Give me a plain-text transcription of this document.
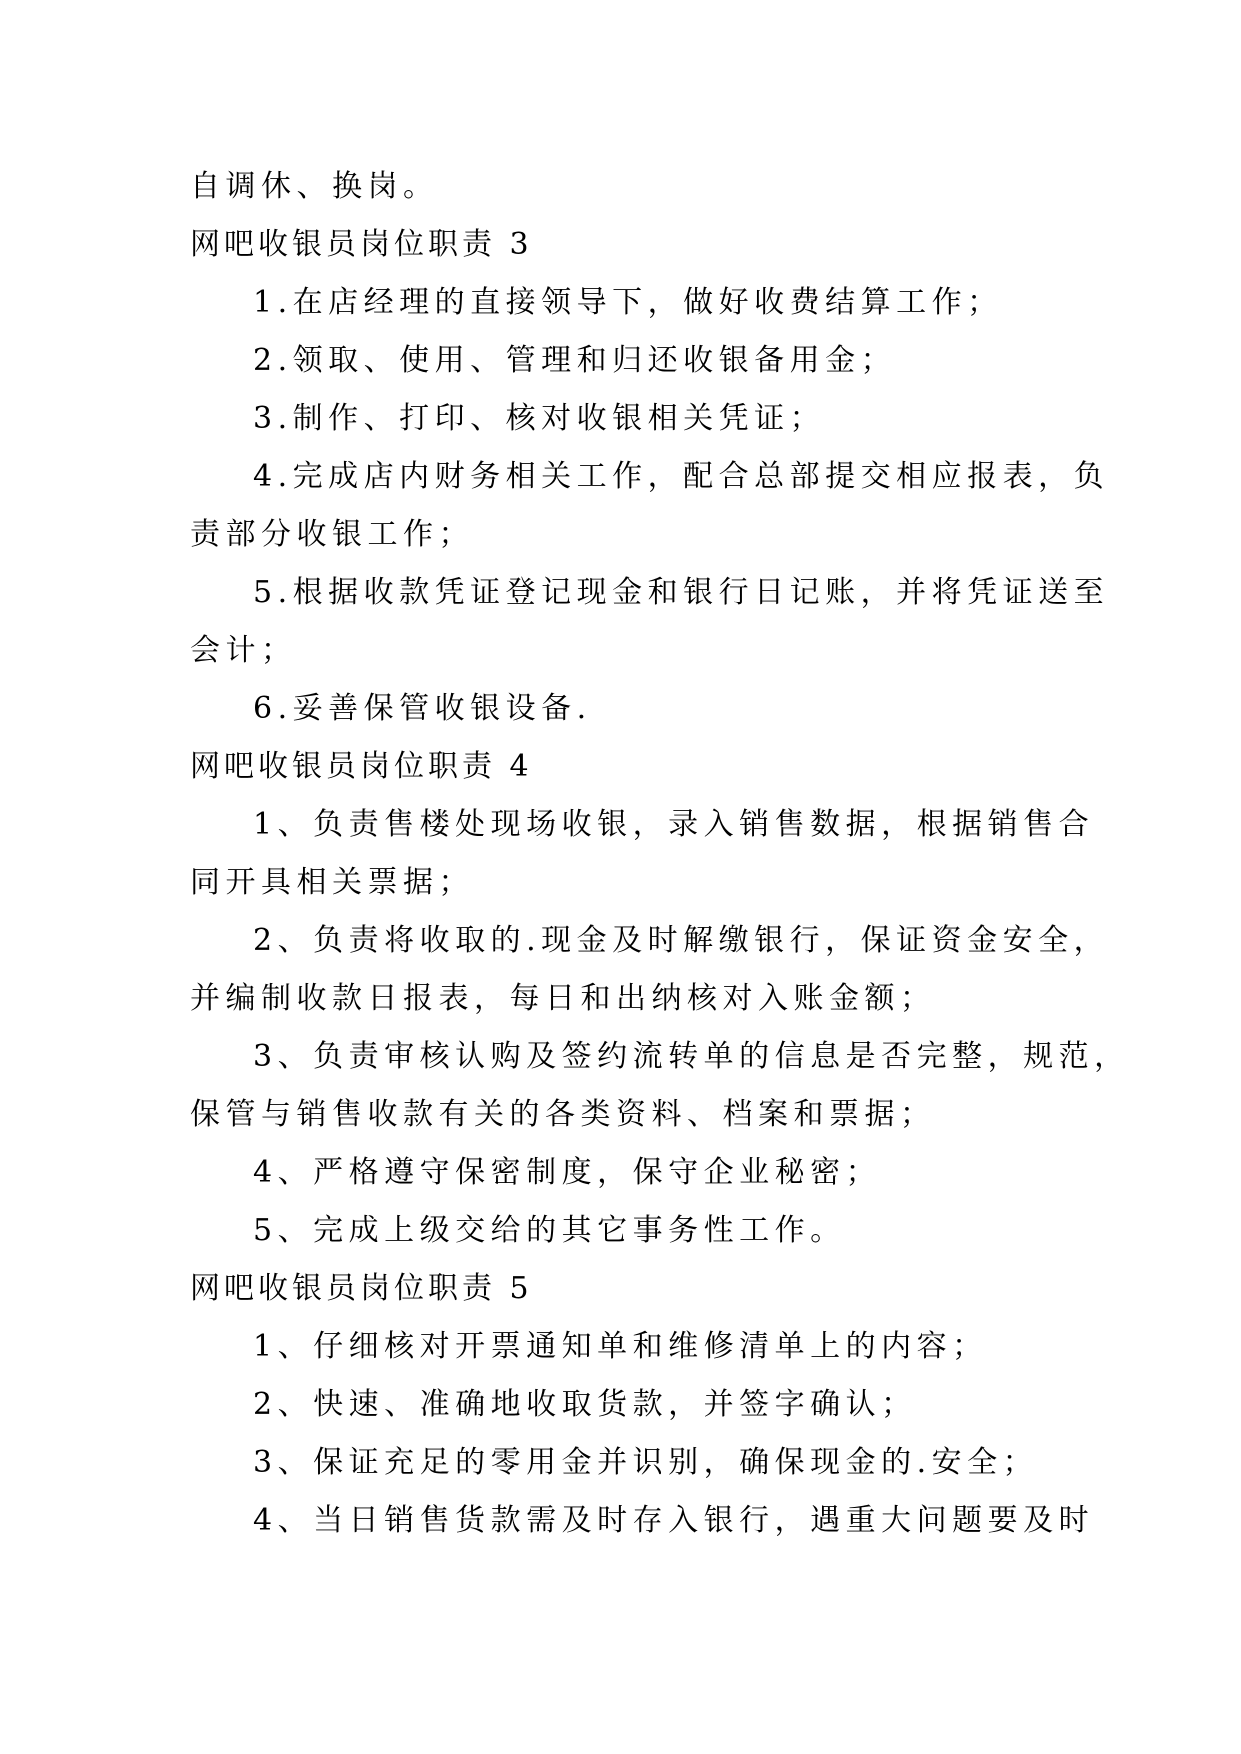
自调休、换岗。
网吧收银员岗位职责 3
1.在店经理的直接领导下，做好收费结算工作；
2.领取、使用、管理和归还收银备用金；
3.制作、打印、核对收银相关凭证；
4.完成店内财务相关工作，配合总部提交相应报表，负
责部分收银工作；
5.根据收款凭证登记现金和银行日记账，并将凭证送至
会计；
6.妥善保管收银设备.
网吧收银员岗位职责 4
1、负责售楼处现场收银，录入销售数据，根据销售合
同开具相关票据；
2、负责将收取的.现金及时解缴银行，保证资金安全，
并编制收款日报表，每日和出纳核对入账金额；
3、负责审核认购及签约流转单的信息是否完整，规范，
保管与销售收款有关的各类资料、档案和票据；
4、严格遵守保密制度，保守企业秘密；
5、完成上级交给的其它事务性工作。
网吧收银员岗位职责 5
1、仔细核对开票通知单和维修清单上的内容；
2、快速、准确地收取货款，并签字确认；
3、保证充足的零用金并识别，确保现金的.安全；
4、当日销售货款需及时存入银行，遇重大问题要及时
